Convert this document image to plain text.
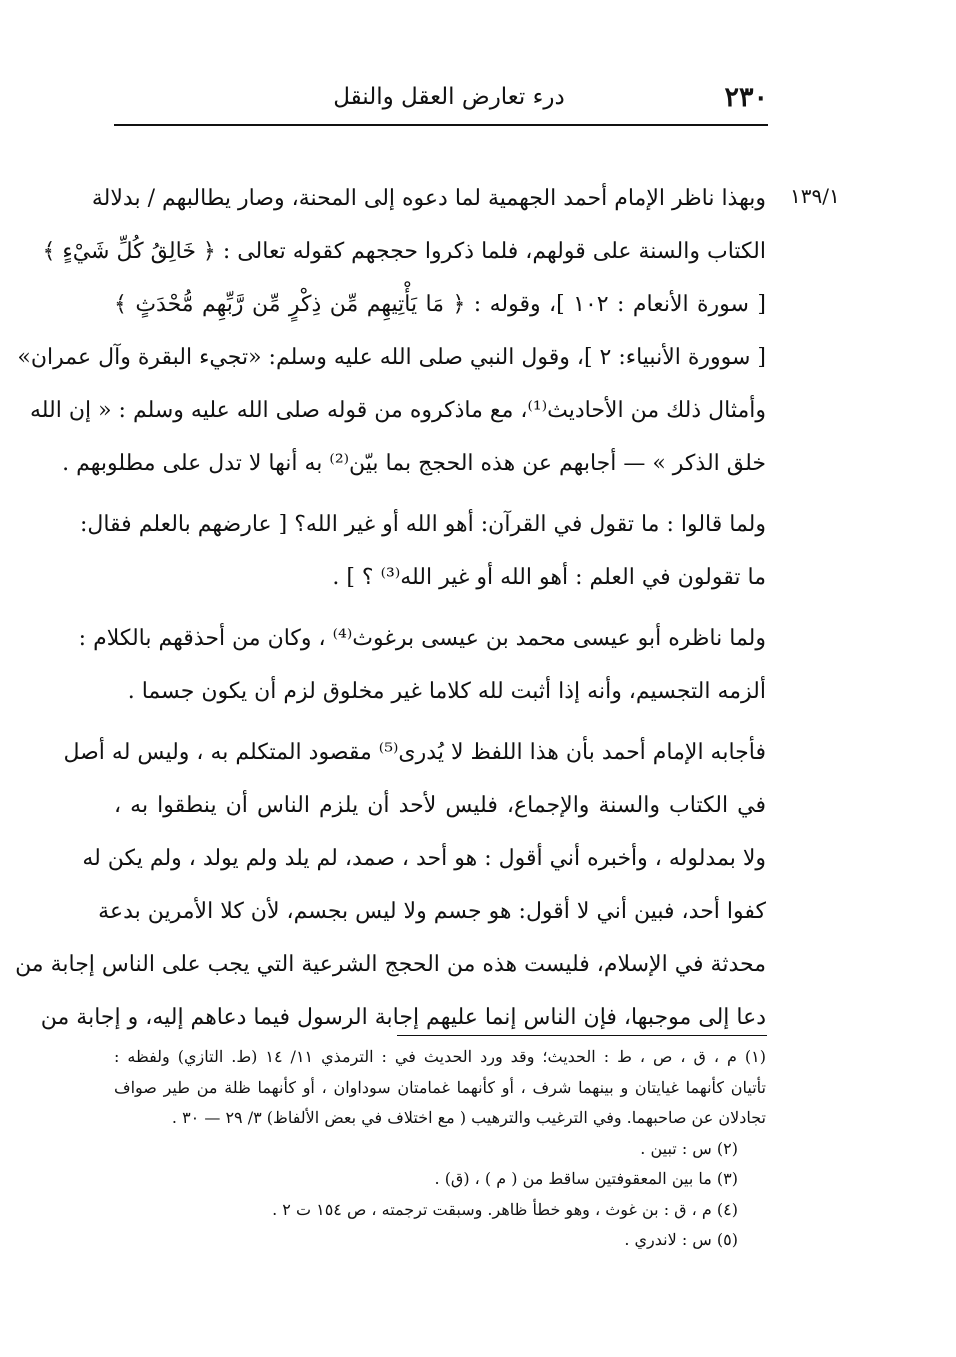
٢٣٠
درء تعارض العقل والنقل
١٣٩/١
وبهذا ناظر الإمام أحمد الجهمية لما دعوه إلى المحنة، وصار يطالبهم / بدلالة
الكتاب والسنة على قولهم، فلما ذكروا حججهم كقوله تعالى : ﴿ خَالِقُ كُلِّ شَيْءٍ ﴾
[ سورة الأنعام : ١٠٢ ]، وقوله : ﴿ مَا يَأْتِيهِم مِّن ذِكْرٍ مِّن رَّبِّهِم مُّحْدَثٍ ﴾
[ سوورة الأنبياء: ٢ ]، وقول النبي صلى الله عليه وسلم: «تجيء البقرة وآل عمران»
وأمثال ذلك من الأحاديث⁽¹⁾، مع ماذكروه من قوله صلى الله عليه وسلم : « إن الله
خلق الذكر » — أجابهم عن هذه الحجج بما بيّن⁽²⁾ به أنها لا تدل على مطلوبهم .
ولما قالوا : ما تقول في القرآن: أهو الله أو غير الله؟ [ عارضهم بالعلم فقال:
ما تقولون في العلم : أهو الله أو غير الله⁽³⁾ ؟ ] .
ولما ناظره أبو عيسى محمد بن عيسى برغوث⁽⁴⁾ ، وكان من أحذقهم بالكلام :
ألزمه التجسيم، وأنه إذا أثبت لله كلاما غير مخلوق لزم أن يكون جسما .
فأجابه الإمام أحمد بأن هذا اللفظ لا يُدرى⁽⁵⁾ مقصود المتكلم به ، وليس له أصل
في الكتاب والسنة والإجماع، فليس لأحد أن يلزم الناس أن ينطقوا به ،
ولا بمدلوله ، وأخبره أني أقول : هو أحد ، صمد، لم يلد ولم يولد ، ولم يكن له
كفوا أحد، فبين أني لا أقول: هو جسم ولا ليس بجسم، لأن كلا الأمرين بدعة
محدثة في الإسلام، فليست هذه من الحجج الشرعية التي يجب على الناس إجابة من
دعا إلى موجبها، فإن الناس إنما عليهم إجابة الرسول فيما دعاهم إليه، و إجابة من
(١) م ، ق ، ص ، ط : الحديث؛ وقد ورد الحديث في : الترمذي ١١/ ١٤ (ط. التازي) ولفظه :
تأتيان كأنهما غيايتان و بينهما شرف ، أو كأنهما غمامتان سوداوان ، أو كأنهما ظلة من طير صواف
تجادلان عن صاحبهما. وفي الترغيب والترهيب ( مع اختلاف في بعض الألفاظ) ٣/ ٢٩ — ٣٠ .
(٢) س : تبين .
(٣) ما بين المعقوفتين ساقط من ( م ) ، (ق) .
(٤) م ، ق : بن غوث ، وهو خطأ ظاهر. وسبقت ترجمته ، ص ١٥٤ ت ٢ .
(٥) س : لاندري .
